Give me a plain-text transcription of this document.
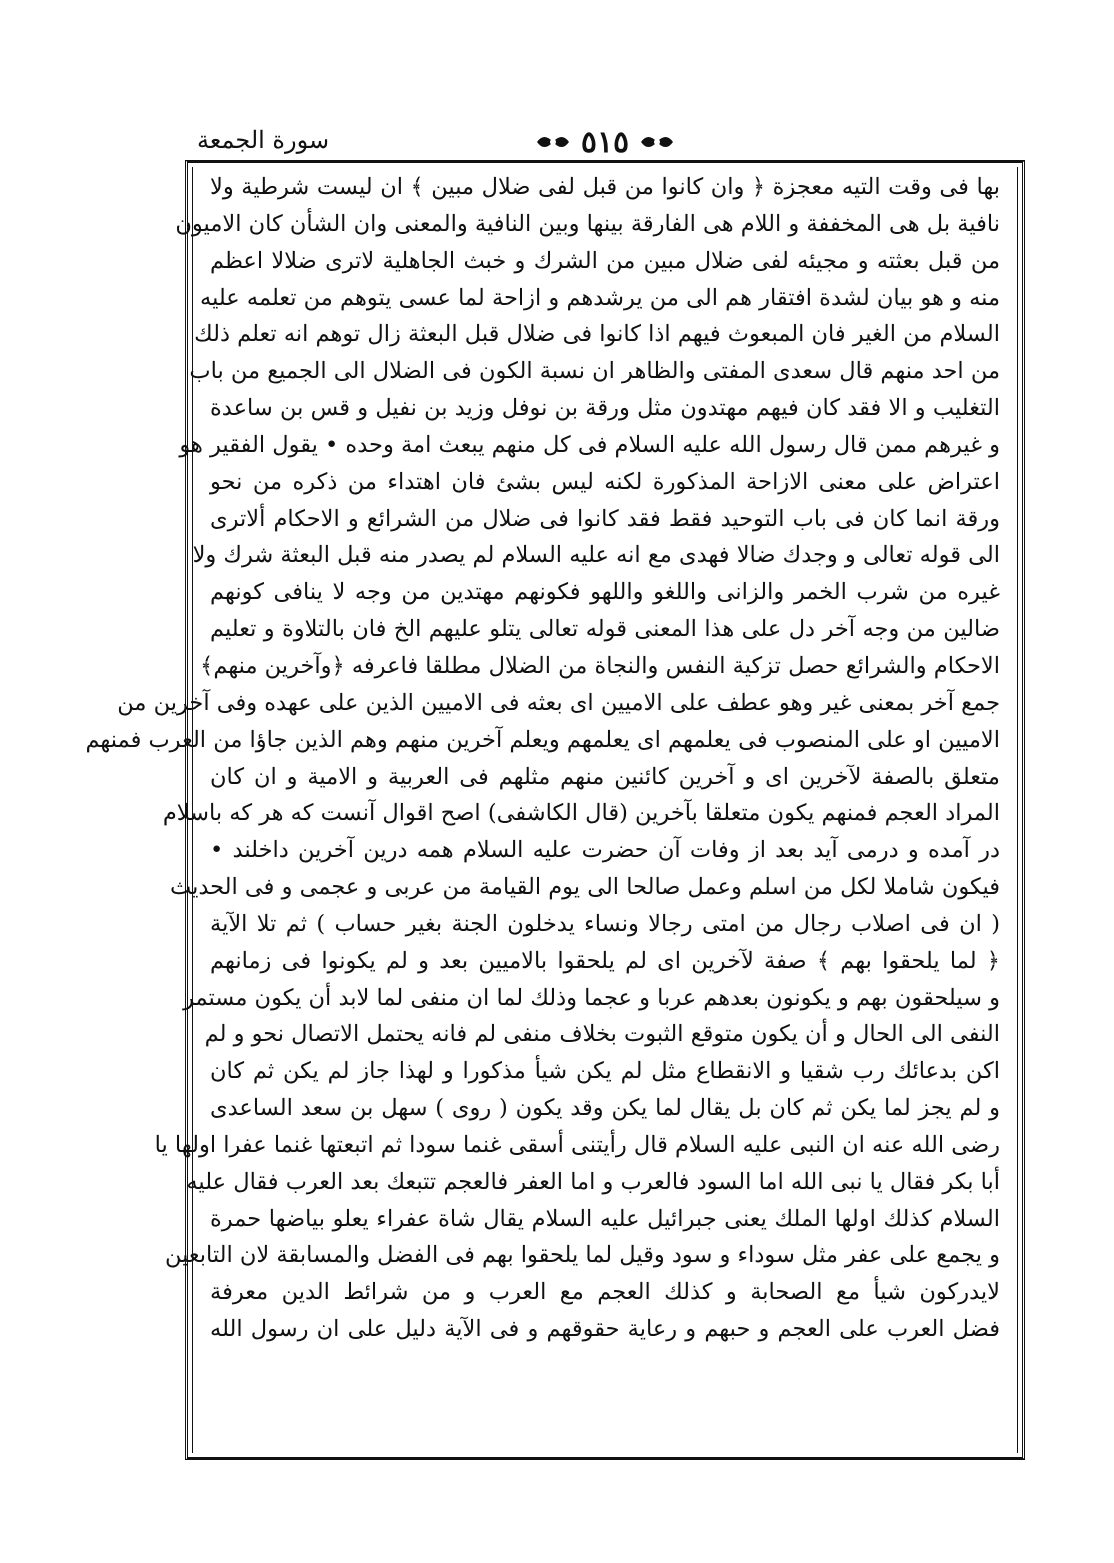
سورة الجمعة	٥١٥
بها فى وقت التيه معجزة ﴿ وان كانوا من قبل لفى ضلال مبين ﴾ ان ليست شرطية ولا
نافية بل هى المخففة و اللام هى الفارقة بينها وبين النافية والمعنى وان الشأن كان الاميون
من قبل بعثته و مجيئه لفى ضلال مبين من الشرك و خبث الجاهلية لاترى ضلالا اعظم
منه و هو بيان لشدة افتقار هم الى من يرشدهم و ازاحة لما عسى يتوهم من تعلمه عليه
السلام من الغير فان المبعوث فيهم اذا كانوا فى ضلال قبل البعثة زال توهم انه تعلم ذلك
من احد منهم قال سعدى المفتى والظاهر ان نسبة الكون فى الضلال الى الجميع من باب
التغليب و الا فقد كان فيهم مهتدون مثل ورقة بن نوفل وزيد بن نفيل و قس بن ساعدة
و غيرهم ممن قال رسول الله عليه السلام فى كل منهم يبعث امة وحده • يقول الفقير هو
اعتراض على معنى الازاحة المذكورة لكنه ليس بشئ فان اهتداء من ذكره من نحو
ورقة انما كان فى باب التوحيد فقط فقد كانوا فى ضلال من الشرائع و الاحكام ألاترى
الى قوله تعالى و وجدك ضالا فهدى مع انه عليه السلام لم يصدر منه قبل البعثة شرك ولا
غيره من شرب الخمر والزانى واللغو واللهو فكونهم مهتدين من وجه لا ينافى كونهم
ضالين من وجه آخر دل على هذا المعنى قوله تعالى يتلو عليهم الخ فان بالتلاوة و تعليم
الاحكام والشرائع حصل تزكية النفس والنجاة من الضلال مطلقا فاعرفه ﴿وآخرين منهم﴾
جمع آخر بمعنى غير وهو عطف على الاميين اى بعثه فى الاميين الذين على عهده وفى آخرين من
الاميين او على المنصوب فى يعلمهم اى يعلمهم ويعلم آخرين منهم وهم الذين جاؤا من العرب فمنهم
متعلق بالصفة لآخرين اى و آخرين كائنين منهم مثلهم فى العربية و الامية و ان كان
المراد العجم فمنهم يكون متعلقا بآخرين (قال الكاشفى) اصح اقوال آنست كه هر كه باسلام
در آمده و درمى آيد بعد از وفات آن حضرت عليه السلام همه درين آخرين داخلند •
فيكون شاملا لكل من اسلم وعمل صالحا الى يوم القيامة من عربى و عجمى و فى الحديث
( ان فى اصلاب رجال من امتى رجالا ونساء يدخلون الجنة بغير حساب ) ثم تلا الآية
﴿ لما يلحقوا بهم ﴾ صفة لآخرين اى لم يلحقوا بالاميين بعد و لم يكونوا فى زمانهم
و سيلحقون بهم و يكونون بعدهم عربا و عجما وذلك لما ان منفى لما لابد أن يكون مستمر
النفى الى الحال و أن يكون متوقع الثبوت بخلاف منفى لم فانه يحتمل الاتصال نحو و لم
اكن بدعائك رب شقيا و الانقطاع مثل لم يكن شيأ مذكورا و لهذا جاز لم يكن ثم كان
و لم يجز لما يكن ثم كان بل يقال لما يكن وقد يكون ( روى ) سهل بن سعد الساعدى
رضى الله عنه ان النبى عليه السلام قال رأيتنى أسقى غنما سودا ثم اتبعتها غنما عفرا اولها يا
أبا بكر فقال يا نبى الله اما السود فالعرب و اما العفر فالعجم تتبعك بعد العرب فقال عليه
السلام كذلك اولها الملك يعنى جبرائيل عليه السلام يقال شاة عفراء يعلو بياضها حمرة
و يجمع على عفر مثل سوداء و سود وقيل لما يلحقوا بهم فى الفضل والمسابقة لان التابعين
لايدركون شيأ مع الصحابة و كذلك العجم مع العرب و من شرائط الدين معرفة
فضل العرب على العجم و حبهم و رعاية حقوقهم و فى الآية دليل على ان رسول الله
